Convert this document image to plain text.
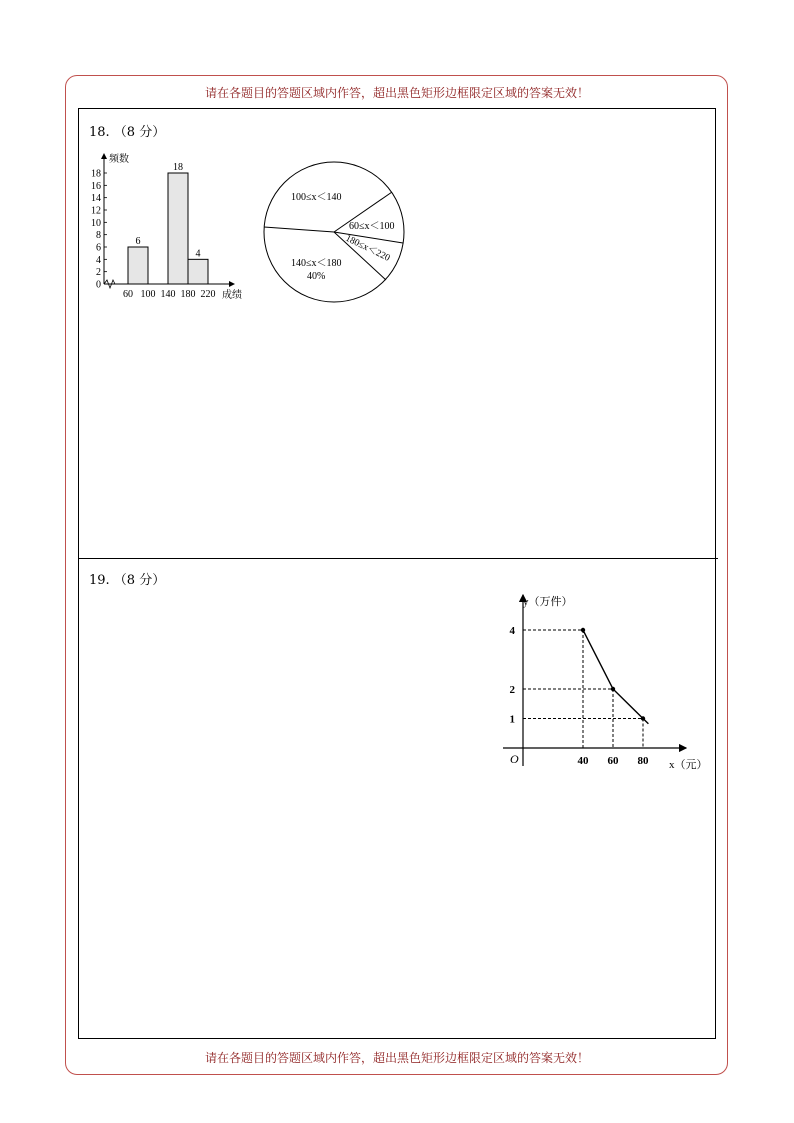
请在各题目的答题区域内作答，超出黑色矩形边框限定区域的答案无效！
18. （8 分）
19. （8 分）
频数
成绩
0
2
4
6
8
10
12
14
16
18
60 100 140 180 220
6
18
4
100≤x＜140
60≤x＜100
180≤x＜220
140≤x＜180
40%
y（万件）
x（元）
O	40 60 80
1
2
4
请在各题目的答题区域内作答，超出黑色矩形边框限定区域的答案无效！
